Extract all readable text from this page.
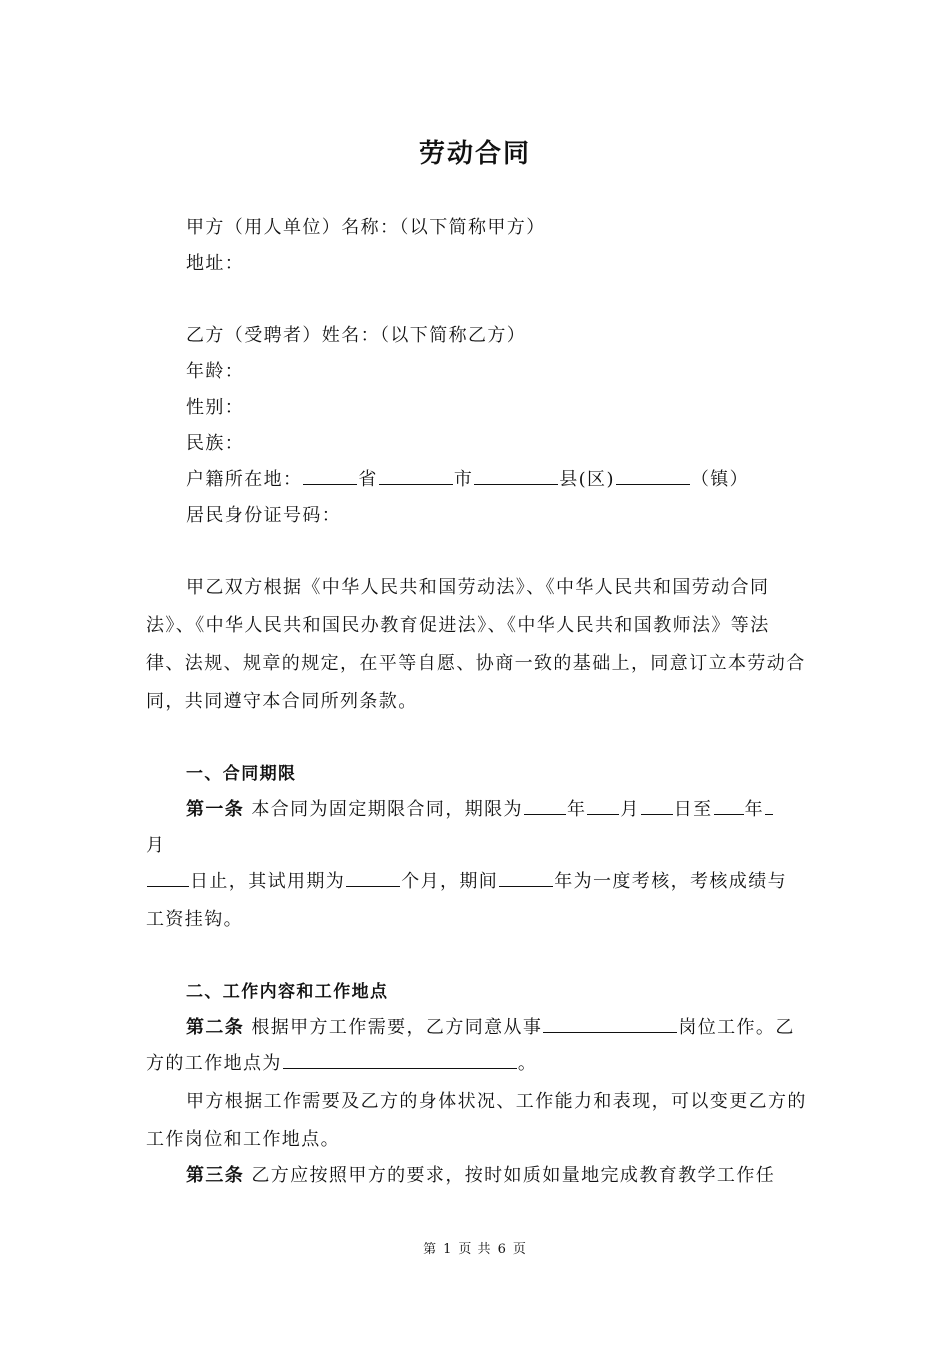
劳动合同
甲方（用人单位）名称：（以下简称甲方）
地址：
乙方（受聘者）姓名：（以下简称乙方）
年龄：
性别：
民族：
户籍所在地：	省	市	县(区)	（镇）
居民身份证号码：
甲乙双方根据《中华人民共和国劳动法》、《中华人民共和国劳动合同
法》、《中华人民共和国民办教育促进法》、《中华人民共和国教师法》等法
律、法规、规章的规定，在平等自愿、协商一致的基础上，同意订立本劳动合
同，共同遵守本合同所列条款。
一、合同期限
第一条 本合同为固定期限合同，期限为 年 月 日至 年
月
日止，其试用期为	个月，期间	年为一度考核，考核成绩与
工资挂钩。
二、工作内容和工作地点
第二条 根据甲方工作需要，乙方同意从事	岗位工作。乙
方的工作地点为	。
甲方根据工作需要及乙方的身体状况、工作能力和表现，可以变更乙方的
工作岗位和工作地点。
第三条 乙方应按照甲方的要求，按时如质如量地完成教育教学工作任
第 1 页 共 6 页
